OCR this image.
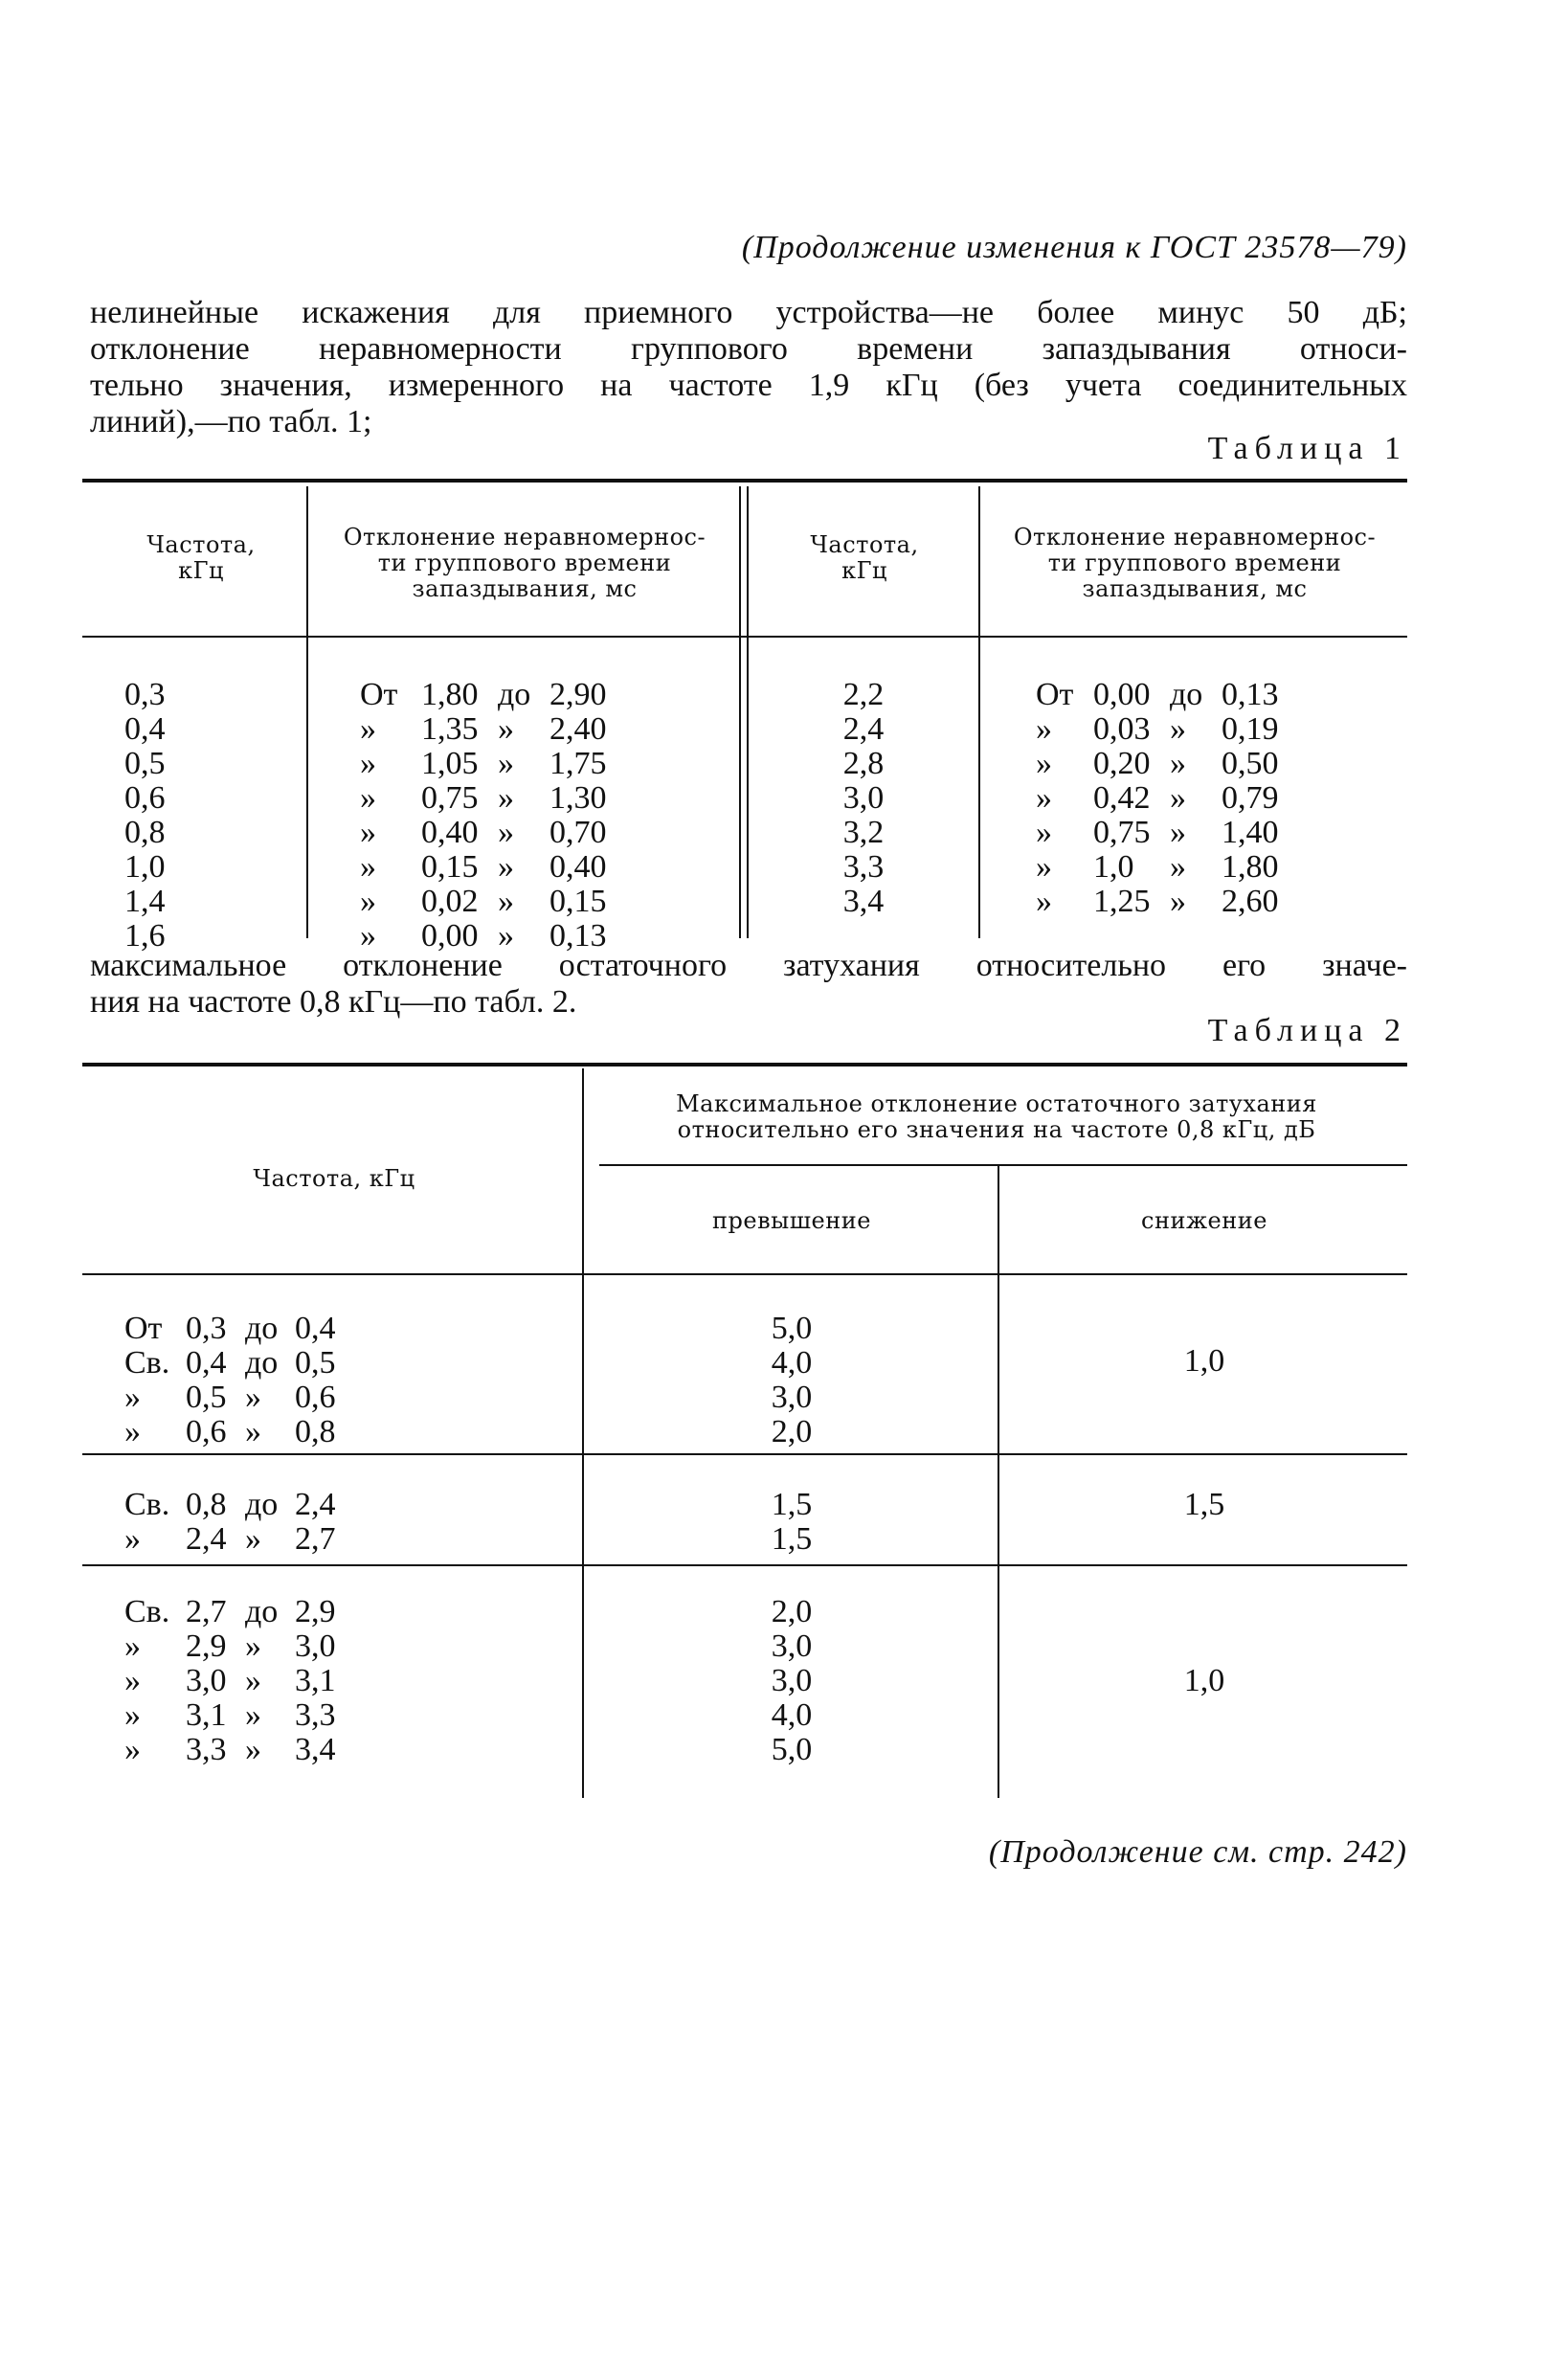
(Продолжение изменения к ГОСТ 23578—79)
нелинейные искажения для приемного устройства—не более минус 50 дБ;
отклонение неравномерности группового времени запаздывания относи-
тельно значения, измеренного на частоте 1,9 кГц (без учета соединительных
линий),—по табл. 1;
Таблица 1
Частота,
кГц
Отклонение неравномернос-
ти группового времени
запаздывания, мс
Частота,
кГц
Отклонение неравномернос-
ти группового времени
запаздывания, мс
0,3
0,4
0,5
0,6
0,8
1,0
1,4
1,6
От
»
»
»
»
»
»
»
1,80
1,35
1,05
0,75
0,40
0,15
0,02
0,00
до
»
»
»
»
»
»
»
2,90
2,40
1,75
1,30
0,70
0,40
0,15
0,13
2,2
2,4
2,8
3,0
3,2
3,3
3,4
От
»
»
»
»
»
»
0,00
0,03
0,20
0,42
0,75
1,0
1,25
до
»
»
»
»
»
»
0,13
0,19
0,50
0,79
1,40
1,80
2,60
максимальное отклонение остаточного затухания относительно его значе-
ния на частоте 0,8 кГц—по табл. 2.
Таблица 2
Частота, кГц
Максимальное отклонение остаточного затухания
относительно его значения на частоте 0,8 кГц, дБ
превышение	снижение
От
Св.
»
»
0,3
0,4
0,5
0,6
до
до
»
»
0,4
0,5
0,6
0,8
5,0
4,0
3,0
2,0
1,0
Св.
»
0,8
2,4
до
»
2,4
2,7
1,5
1,5
1,5
Св.
»
»
»
»
2,7
2,9
3,0
3,1
3,3
до
»
»
»
»
2,9
3,0
3,1
3,3
3,4
2,0
3,0
3,0
4,0
5,0
1,0
(Продолжение см. стр. 242)
